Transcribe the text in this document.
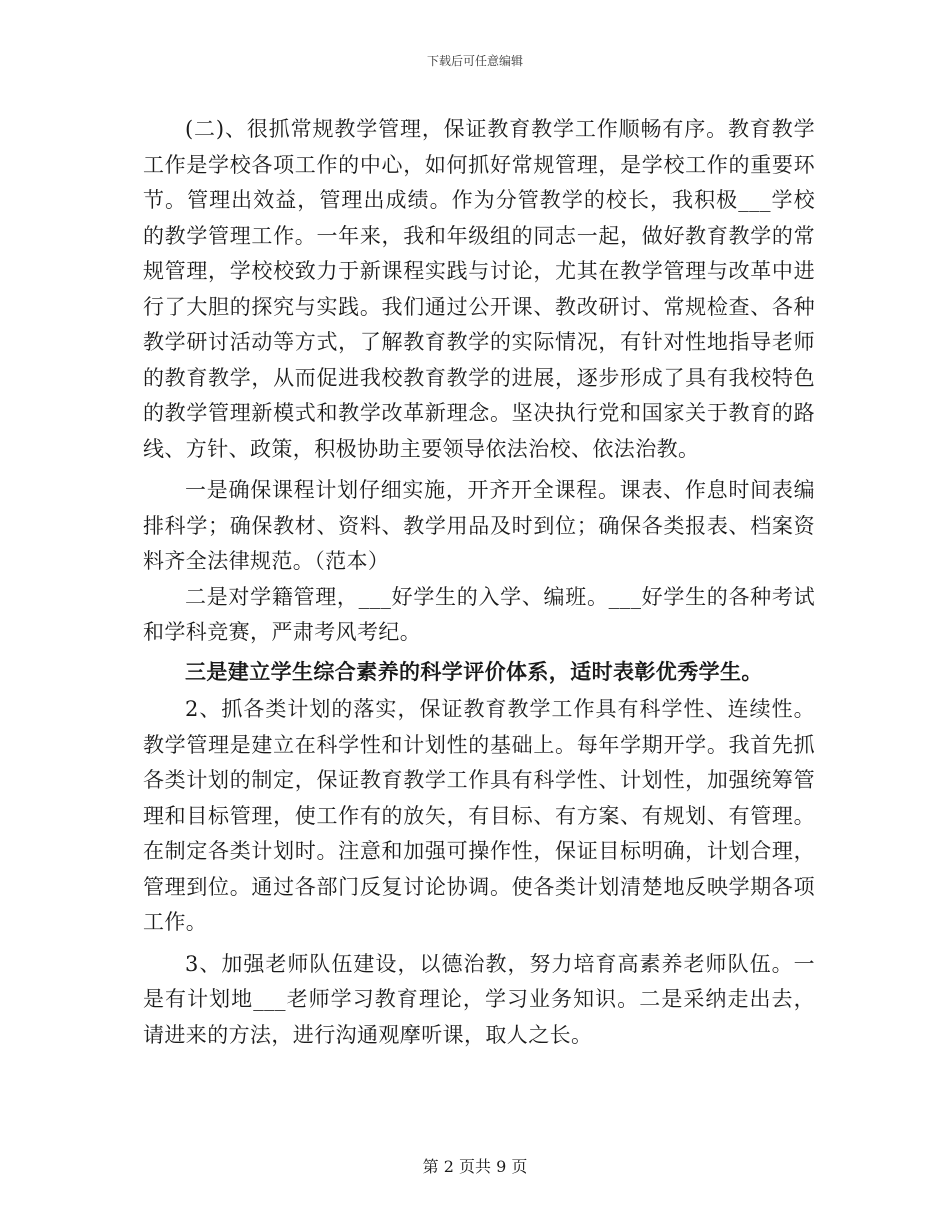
下载后可任意编辑

(二)、很抓常规教学管理，保证教育教学工作顺畅有序。教育教学工作是学校各项工作的中心，如何抓好常规管理，是学校工作的重要环节。管理出效益，管理出成绩。作为分管教学的校长，我积极___学校的教学管理工作。一年来，我和年级组的同志一起，做好教育教学的常规管理，学校校致力于新课程实践与讨论，尤其在教学管理与改革中进行了大胆的探究与实践。我们通过公开课、教改研讨、常规检查、各种教学研讨活动等方式，了解教育教学的实际情况，有针对性地指导老师的教育教学，从而促进我校教育教学的进展，逐步形成了具有我校特色的教学管理新模式和教学改革新理念。坚决执行党和国家关于教育的路线、方针、政策，积极协助主要领导依法治校、依法治教。

一是确保课程计划仔细实施，开齐开全课程。课表、作息时间表编排科学；确保教材、资料、教学用品及时到位；确保各类报表、档案资料齐全法律规范。（范本）

二是对学籍管理，___好学生的入学、编班。___好学生的各种考试和学科竞赛，严肃考风考纪。

三是建立学生综合素养的科学评价体系，适时表彰优秀学生。

2、抓各类计划的落实，保证教育教学工作具有科学性、连续性。教学管理是建立在科学性和计划性的基础上。每年学期开学。我首先抓各类计划的制定，保证教育教学工作具有科学性、计划性，加强统筹管理和目标管理，使工作有的放矢，有目标、有方案、有规划、有管理。在制定各类计划时。注意和加强可操作性，保证目标明确，计划合理，管理到位。通过各部门反复讨论协调。使各类计划清楚地反映学期各项工作。

3、加强老师队伍建设，以德治教，努力培育高素养老师队伍。一是有计划地___老师学习教育理论，学习业务知识。二是采纳走出去，请进来的方法，进行沟通观摩听课，取人之长。

第 2 页共 9 页
